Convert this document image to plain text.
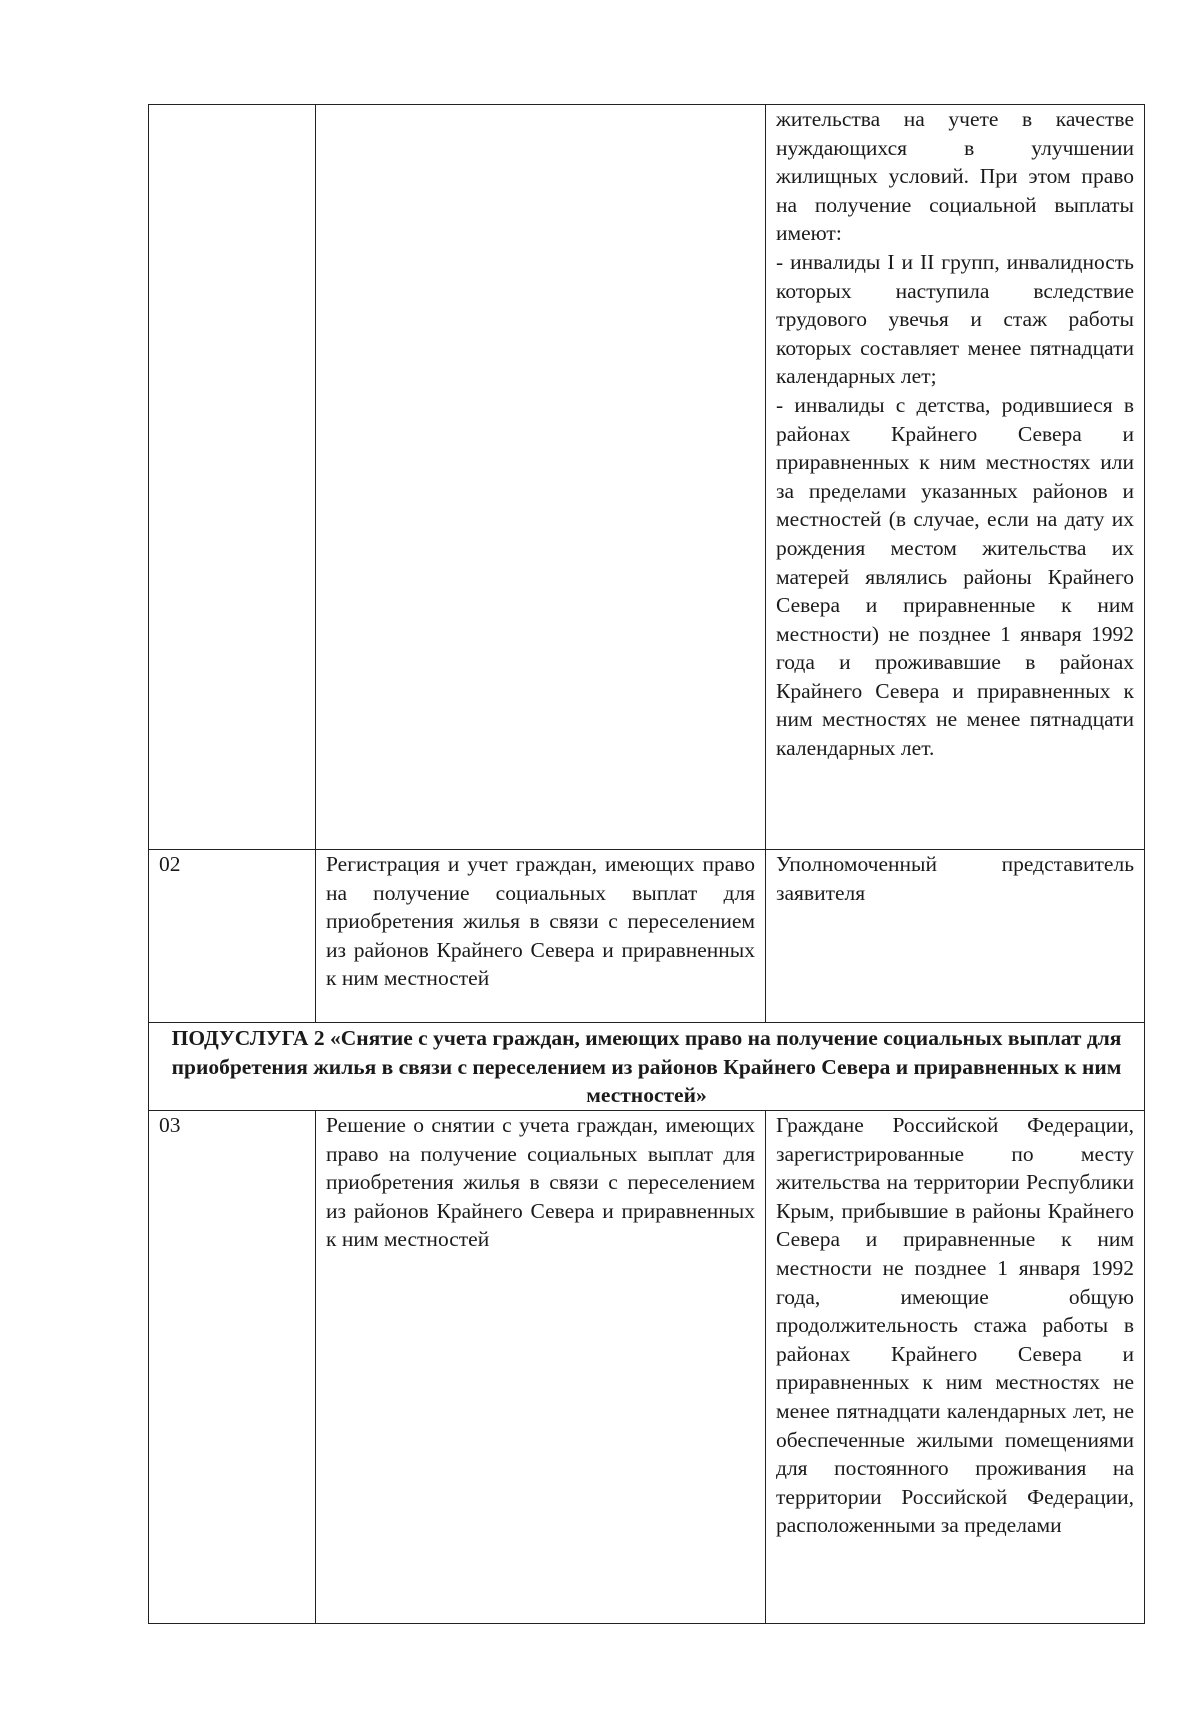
		жительства на учете в качестве нуждающихся в улучшении жилищных условий. При этом право на получение социальной выплаты имеют:
- инвалиды I и II групп, инвалидность которых наступила вследствие трудового увечья и стаж работы которых составляет менее пятнадцати календарных лет;
- инвалиды с детства, родившиеся в районах Крайнего Севера и приравненных к ним местностях или за пределами указанных районов и местностей (в случае, если на дату их рождения местом жительства их матерей являлись районы Крайнего Севера и приравненные к ним местности) не позднее 1 января 1992 года и проживавшие в районах Крайнего Севера и приравненных к ним местностях не менее пятнадцати календарных лет.

02	Регистрация и учет граждан, имеющих право на получение социальных выплат для приобретения жилья в связи с переселением из районов Крайнего Севера и приравненных к ним местностей	Уполномоченный представитель заявителя
ПОДУСЛУГА 2 «Снятие с учета граждан, имеющих право на получение социальных выплат для приобретения жилья в связи с переселением из районов Крайнего Севера и приравненных к ним местностей»		
03	Решение о снятии с учета граждан, имеющих право на получение социальных выплат для приобретения жилья в связи с переселением из районов Крайнего Севера и приравненных к ним местностей	Граждане Российской Федерации, зарегистрированные по месту жительства на территории Республики Крым, прибывшие в районы Крайнего Севера и приравненные к ним местности не позднее 1 января 1992 года, имеющие общую продолжительность стажа работы в районах Крайнего Севера и приравненных к ним местностях не менее пятнадцати календарных лет, не обеспеченные жилыми помещениями для постоянного проживания на территории Российской Федерации, расположенными за пределами
